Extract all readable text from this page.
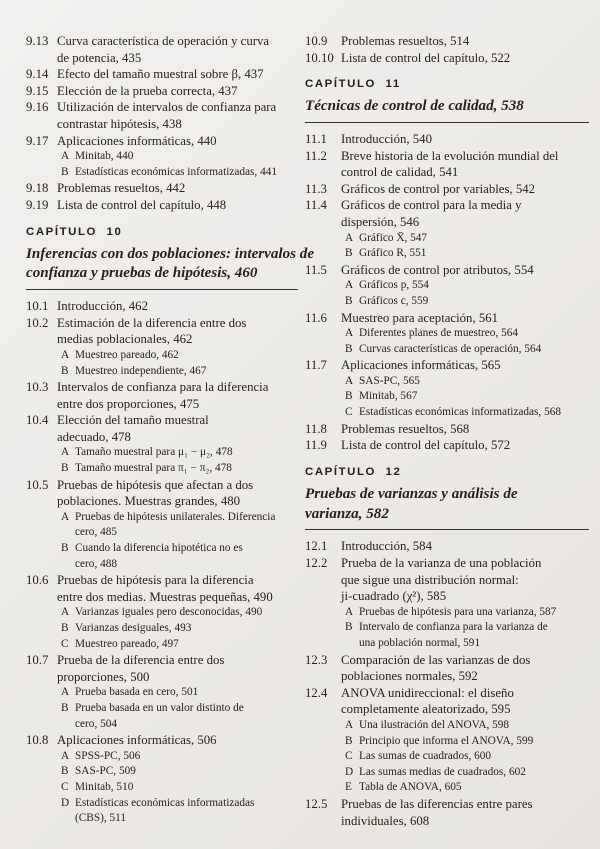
9.13 Curva característica de operación y curva
de potencia, 435
9.14 Efecto del tamaño muestral sobre β, 437
9.15 Elección de la prueba correcta, 437
9.16 Utilización de intervalos de confianza para
contrastar hipótesis, 438
9.17 Aplicaciones informáticas, 440
A Minitab, 440
B Estadísticas económicas informatizadas, 441
9.18 Problemas resueltos, 442
9.19 Lista de control del capítulo, 448
CAPÍTULO  10
Inferencias con dos poblaciones: intervalos de
confianza y pruebas de hipótesis, 460
10.1 Introducción, 462
10.2 Estimación de la diferencia entre dos
medias poblacionales, 462
A Muestreo pareado, 462
B Muestreo independiente, 467
10.3 Intervalos de confianza para la diferencia
entre dos proporciones, 475
10.4 Elección del tamaño muestral
adecuado, 478
A Tamaño muestral para μ₁ − μ₂, 478
B Tamaño muestral para π₁ − π₂, 478
10.5 Pruebas de hipótesis que afectan a dos
poblaciones. Muestras grandes, 480
A Pruebas de hipótesis unilaterales. Diferencia
cero, 485
B Cuando la diferencia hipotética no es
cero, 488
10.6 Pruebas de hipótesis para la diferencia
entre dos medias. Muestras pequeñas, 490
A Varianzas iguales pero desconocidas, 490
B Varianzas desiguales, 493
C Muestreo pareado, 497
10.7 Prueba de la diferencia entre dos
proporciones, 500
A Prueba basada en cero, 501
B Prueba basada en un valor distinto de
cero, 504
10.8 Aplicaciones informáticas, 506
A SPSS-PC, 506
B SAS-PC, 509
C Minitab, 510
D Estadísticas económicas informatizadas
(CBS), 511
10.9	Problemas resueltos, 514
10.10 Lista de control del capítulo, 522
CAPÍTULO  11
Técnicas de control de calidad, 538
11.1	Introducción, 540
11.2	Breve historia de la evolución mundial del
control de calidad, 541
11.3	Gráficos de control por variables, 542
11.4	Gráficos de control para la media y
dispersión, 546
A Gráfico X̄, 547
B Gráfico R, 551
11.5	Gráficos de control por atributos, 554
A Gráficos p, 554
B Gráficos c, 559
11.6	Muestreo para aceptación, 561
A Diferentes planes de muestreo, 564
B Curvas características de operación, 564
11.7	Aplicaciones informáticas, 565
A SAS-PC, 565
B Minitab, 567
C Estadísticas económicas informatizadas, 568
11.8	Problemas resueltos, 568
11.9	Lista de control del capítulo, 572
CAPÍTULO  12
Pruebas de varianzas y análisis de
varianza, 582
12.1	Introducción, 584
12.2	Prueba de la varianza de una población
que sigue una distribución normal:
ji-cuadrado (χ²), 585
A Pruebas de hipótesis para una varianza, 587
B Intervalo de confianza para la varianza de
una población normal, 591
12.3	Comparación de las varianzas de dos
poblaciones normales, 592
12.4	ANOVA unidireccional: el diseño
completamente aleatorizado, 595
A Una ilustración del ANOVA, 598
B Principio que informa el ANOVA, 599
C Las sumas de cuadrados, 600
D Las sumas medias de cuadrados, 602
E Tabla de ANOVA, 605
12.5	Pruebas de las diferencias entre pares
individuales, 608
